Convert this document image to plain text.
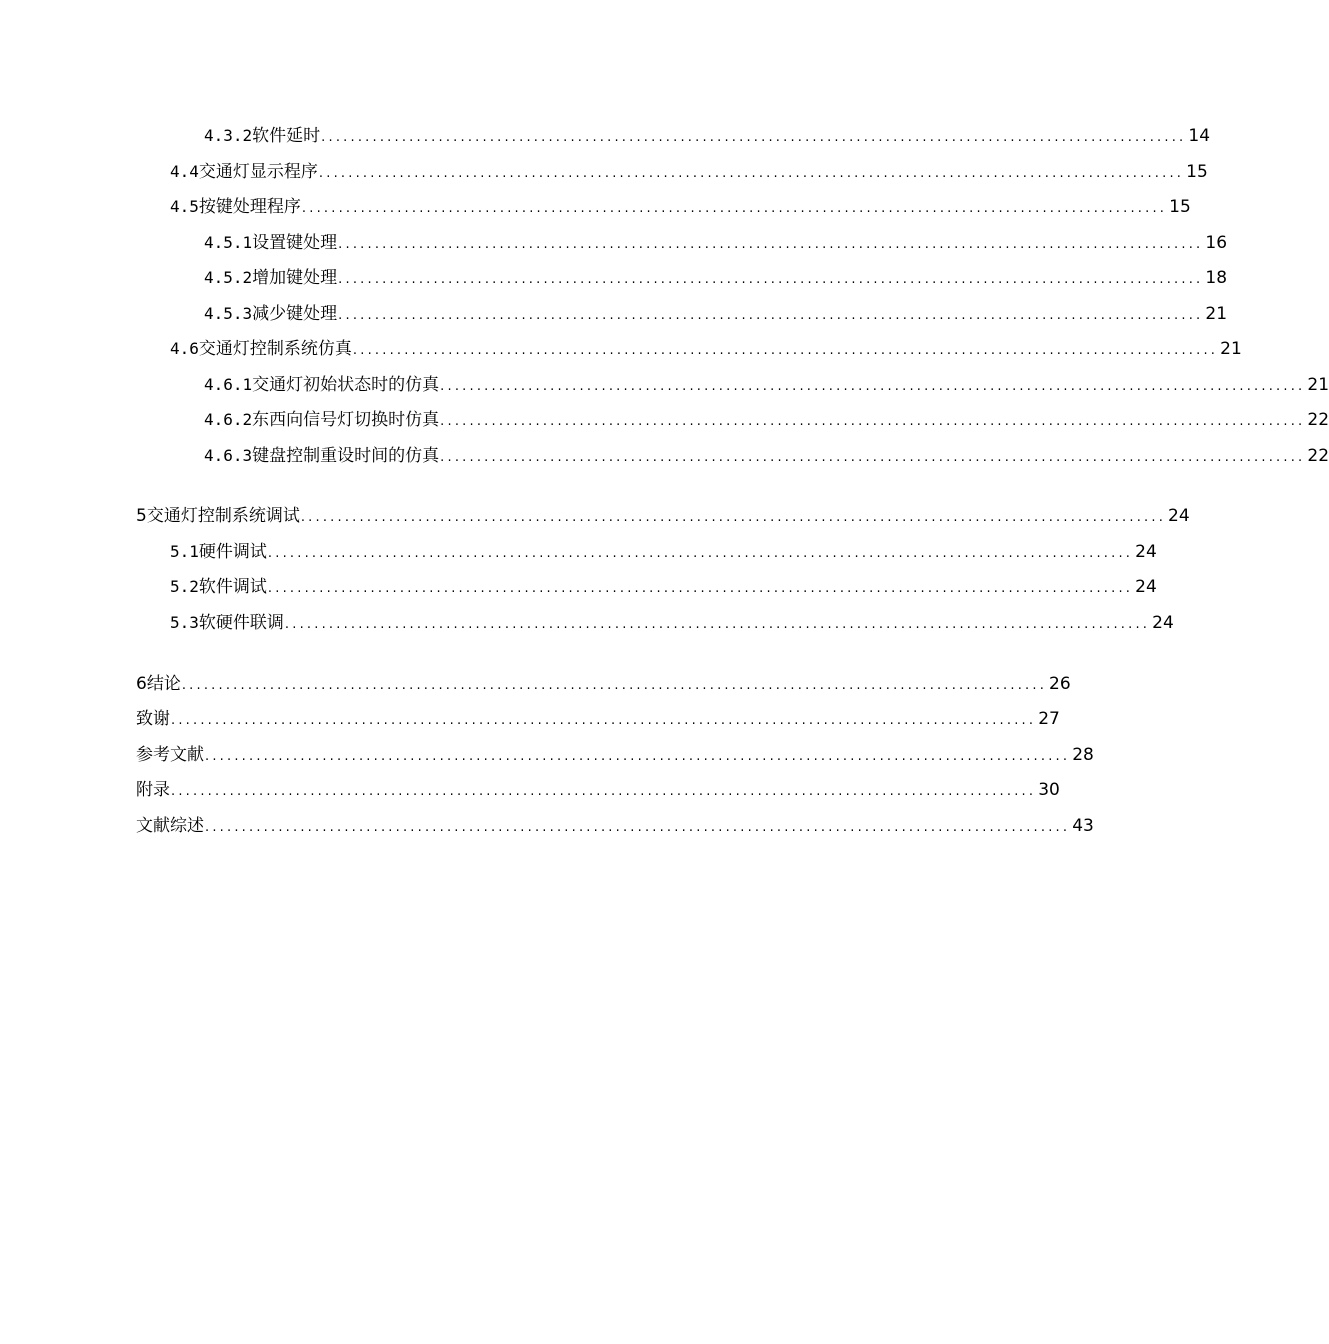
4.3.2 软件延时 ...................................................................................................................... 14
4.4 交通灯显示程序 ...................................................................................................................... 15
4.5 按键处理程序 ...................................................................................................................... 15
4.5.1 设置键处理 ...................................................................................................................... 16
4.5.2 增加键处理 ...................................................................................................................... 18
4.5.3 减少键处理 ...................................................................................................................... 21
4.6 交通灯控制系统仿真 ...................................................................................................................... 21
4.6.1 交通灯初始状态时的仿真 ...................................................................................................................... 21
4.6.2 东西向信号灯切换时仿真 ...................................................................................................................... 22
4.6.3 键盘控制重设时间的仿真 ...................................................................................................................... 22
5 交通灯控制系统调试 ...................................................................................................................... 24
5.1 硬件调试 ...................................................................................................................... 24
5.2 软件调试 ...................................................................................................................... 24
5.3 软硬件联调 ...................................................................................................................... 24
6 结论 ...................................................................................................................... 26
致谢 ...................................................................................................................... 27
参考文献 ...................................................................................................................... 28
附录 ...................................................................................................................... 30
文献综述 ...................................................................................................................... 43
